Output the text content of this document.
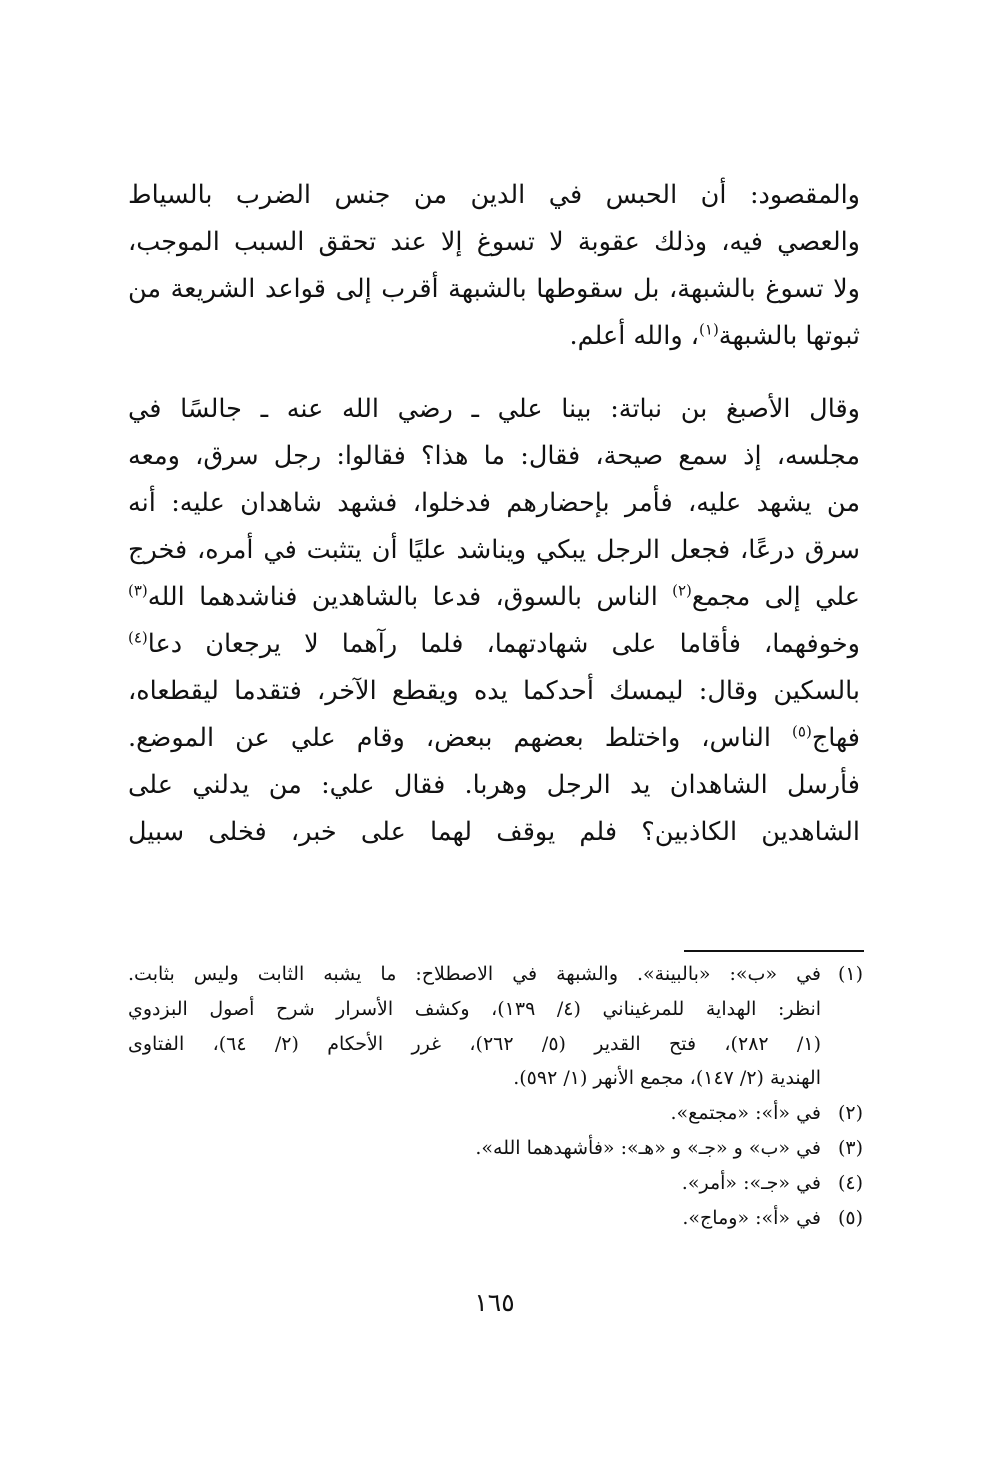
والمقصود: أن الحبس في الدين من جنس الضرب بالسياط
والعصي فيه، وذلك عقوبة لا تسوغ إلا عند تحقق السبب الموجب،
ولا تسوغ بالشبهة، بل سقوطها بالشبهة أقرب إلى قواعد الشريعة من
ثبوتها بالشبهة$^{(١)}$، والله أعلم.

وقال الأصبغ بن نباتة: بينا علي ـ رضي الله عنه ـ جالسًا في
مجلسه، إذ سمع صيحة، فقال: ما هذا؟ فقالوا: رجل سرق، ومعه
من يشهد عليه، فأمر بإحضارهم فدخلوا، فشهد شاهدان عليه: أنه
سرق درعًا، فجعل الرجل يبكي ويناشد عليًا أن يتثبت في أمره، فخرج
علي إلى مجمع$^{(٢)}$ الناس بالسوق، فدعا بالشاهدين فناشدهما الله$^{(٣)}$
وخوفهما، فأقاما على شهادتهما، فلما رآهما لا يرجعان دعا$^{(٤)}$
بالسكين وقال: ليمسك أحدكما يده ويقطع الآخر، فتقدما ليقطعاه،
فهاج$^{(٥)}$ الناس، واختلط بعضهم ببعض، وقام علي عن الموضع.
فأرسل الشاهدان يد الرجل وهربا. فقال علي: من يدلني على
الشاهدين الكاذبين؟ فلم يوقف لهما على خبر، فخلى سبيل

(١)
في «ب»: «بالبينة». والشبهة في الاصطلاح: ما يشبه الثابت وليس بثابت.
انظر: الهداية للمرغيناني (٤/ ١٣٩)، وكشف الأسرار شرح أصول البزدوي
(١/ ٢٨٢)، فتح القدير (٥/ ٢٦٢)، غرر الأحكام (٢/ ٦٤)، الفتاوى
الهندية (٢/ ١٤٧)، مجمع الأنهر (١/ ٥٩٢).
(٢)
في «أ»: «مجتمع».
(٣)
في «ب» و «جـ» و «هـ»: «فأشهدهما الله».
(٤)
في «جـ»: «أمر».
(٥)
في «أ»: «وماج».
١٦٥
